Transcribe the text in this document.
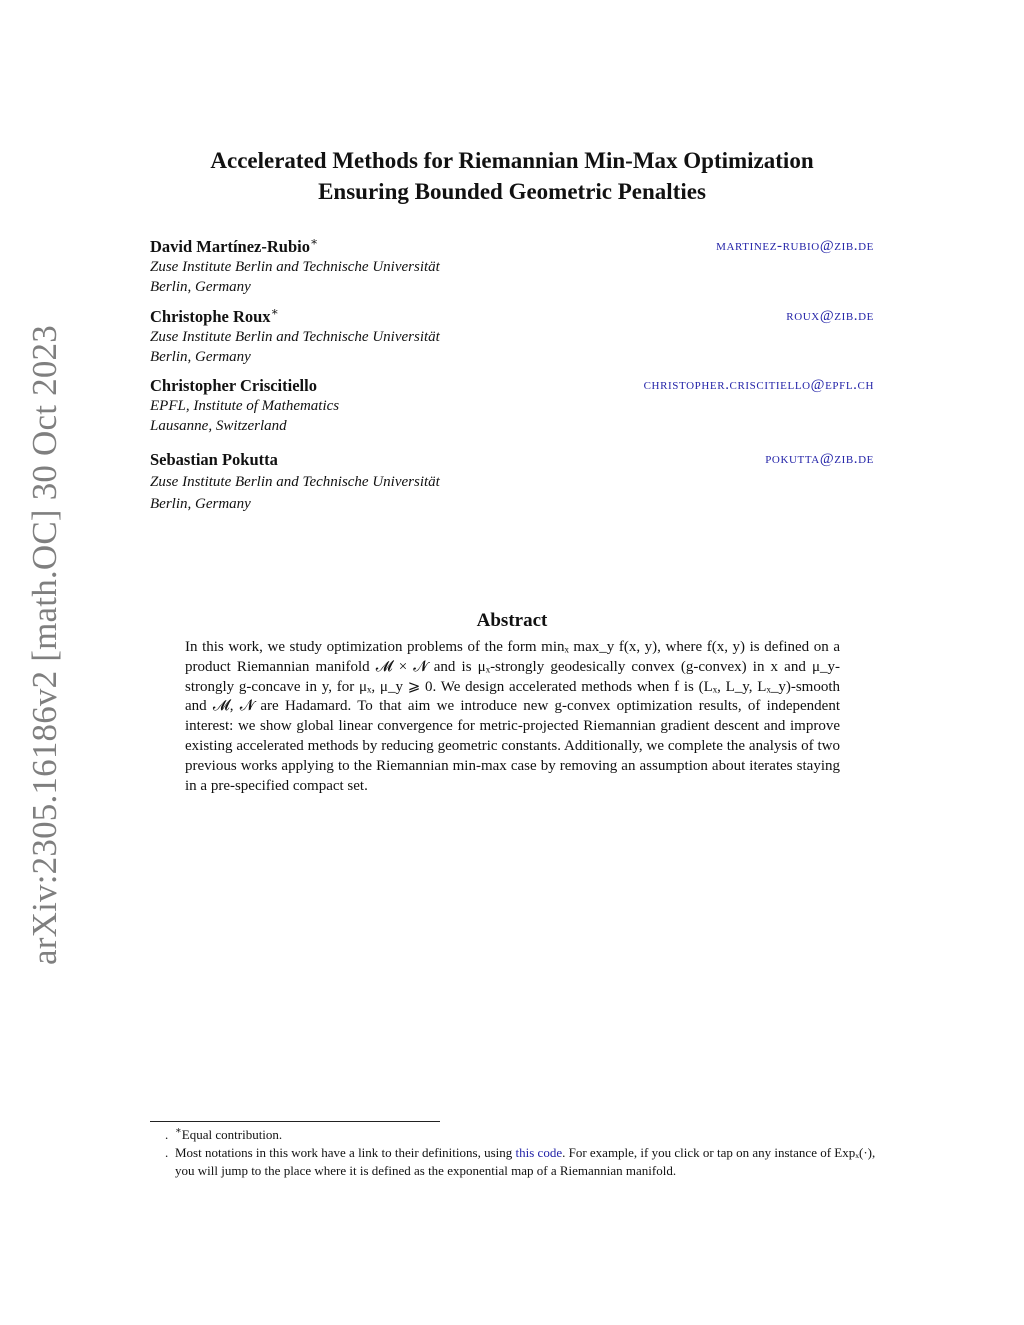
arXiv:2305.16186v2 [math.OC] 30 Oct 2023
Accelerated Methods for Riemannian Min-Max Optimization
Ensuring Bounded Geometric Penalties
David Martínez-Rubio∗
Zuse Institute Berlin and Technische Universität
Berlin, Germany
martinez-rubio@zib.de
Christophe Roux∗
Zuse Institute Berlin and Technische Universität
Berlin, Germany
roux@zib.de
Christopher Criscitiello
EPFL, Institute of Mathematics
Lausanne, Switzerland
christopher.criscitiello@epfl.ch
Sebastian Pokutta
Zuse Institute Berlin and Technische Universität
Berlin, Germany
pokutta@zib.de
Abstract

In this work, we study optimization problems of the form minₓ max_y f(x, y), where f(x, y) is defined on a product Riemannian manifold 𝓜 × 𝓝 and is μₓ-strongly geodesically convex (g-convex) in x and μ_y-strongly g-concave in y, for μₓ, μ_y ⩾ 0. We design accelerated methods when f is (Lₓ, L_y, Lₓ_y)-smooth and 𝓜, 𝓝 are Hadamard. To that aim we introduce new g-convex optimization results, of independent interest: we show global linear convergence for metric-projected Riemannian gradient descent and improve existing accelerated methods by reducing geometric constants. Additionally, we complete the analysis of two previous works applying to the Riemannian min-max case by removing an assumption about iterates staying in a pre-specified compact set.

. ∗Equal contribution.

. Most notations in this work have a link to their definitions, using this code. For example, if you click or tap on any instance of Expₓ(·), you will jump to the place where it is defined as the exponential map of a Riemannian manifold.
